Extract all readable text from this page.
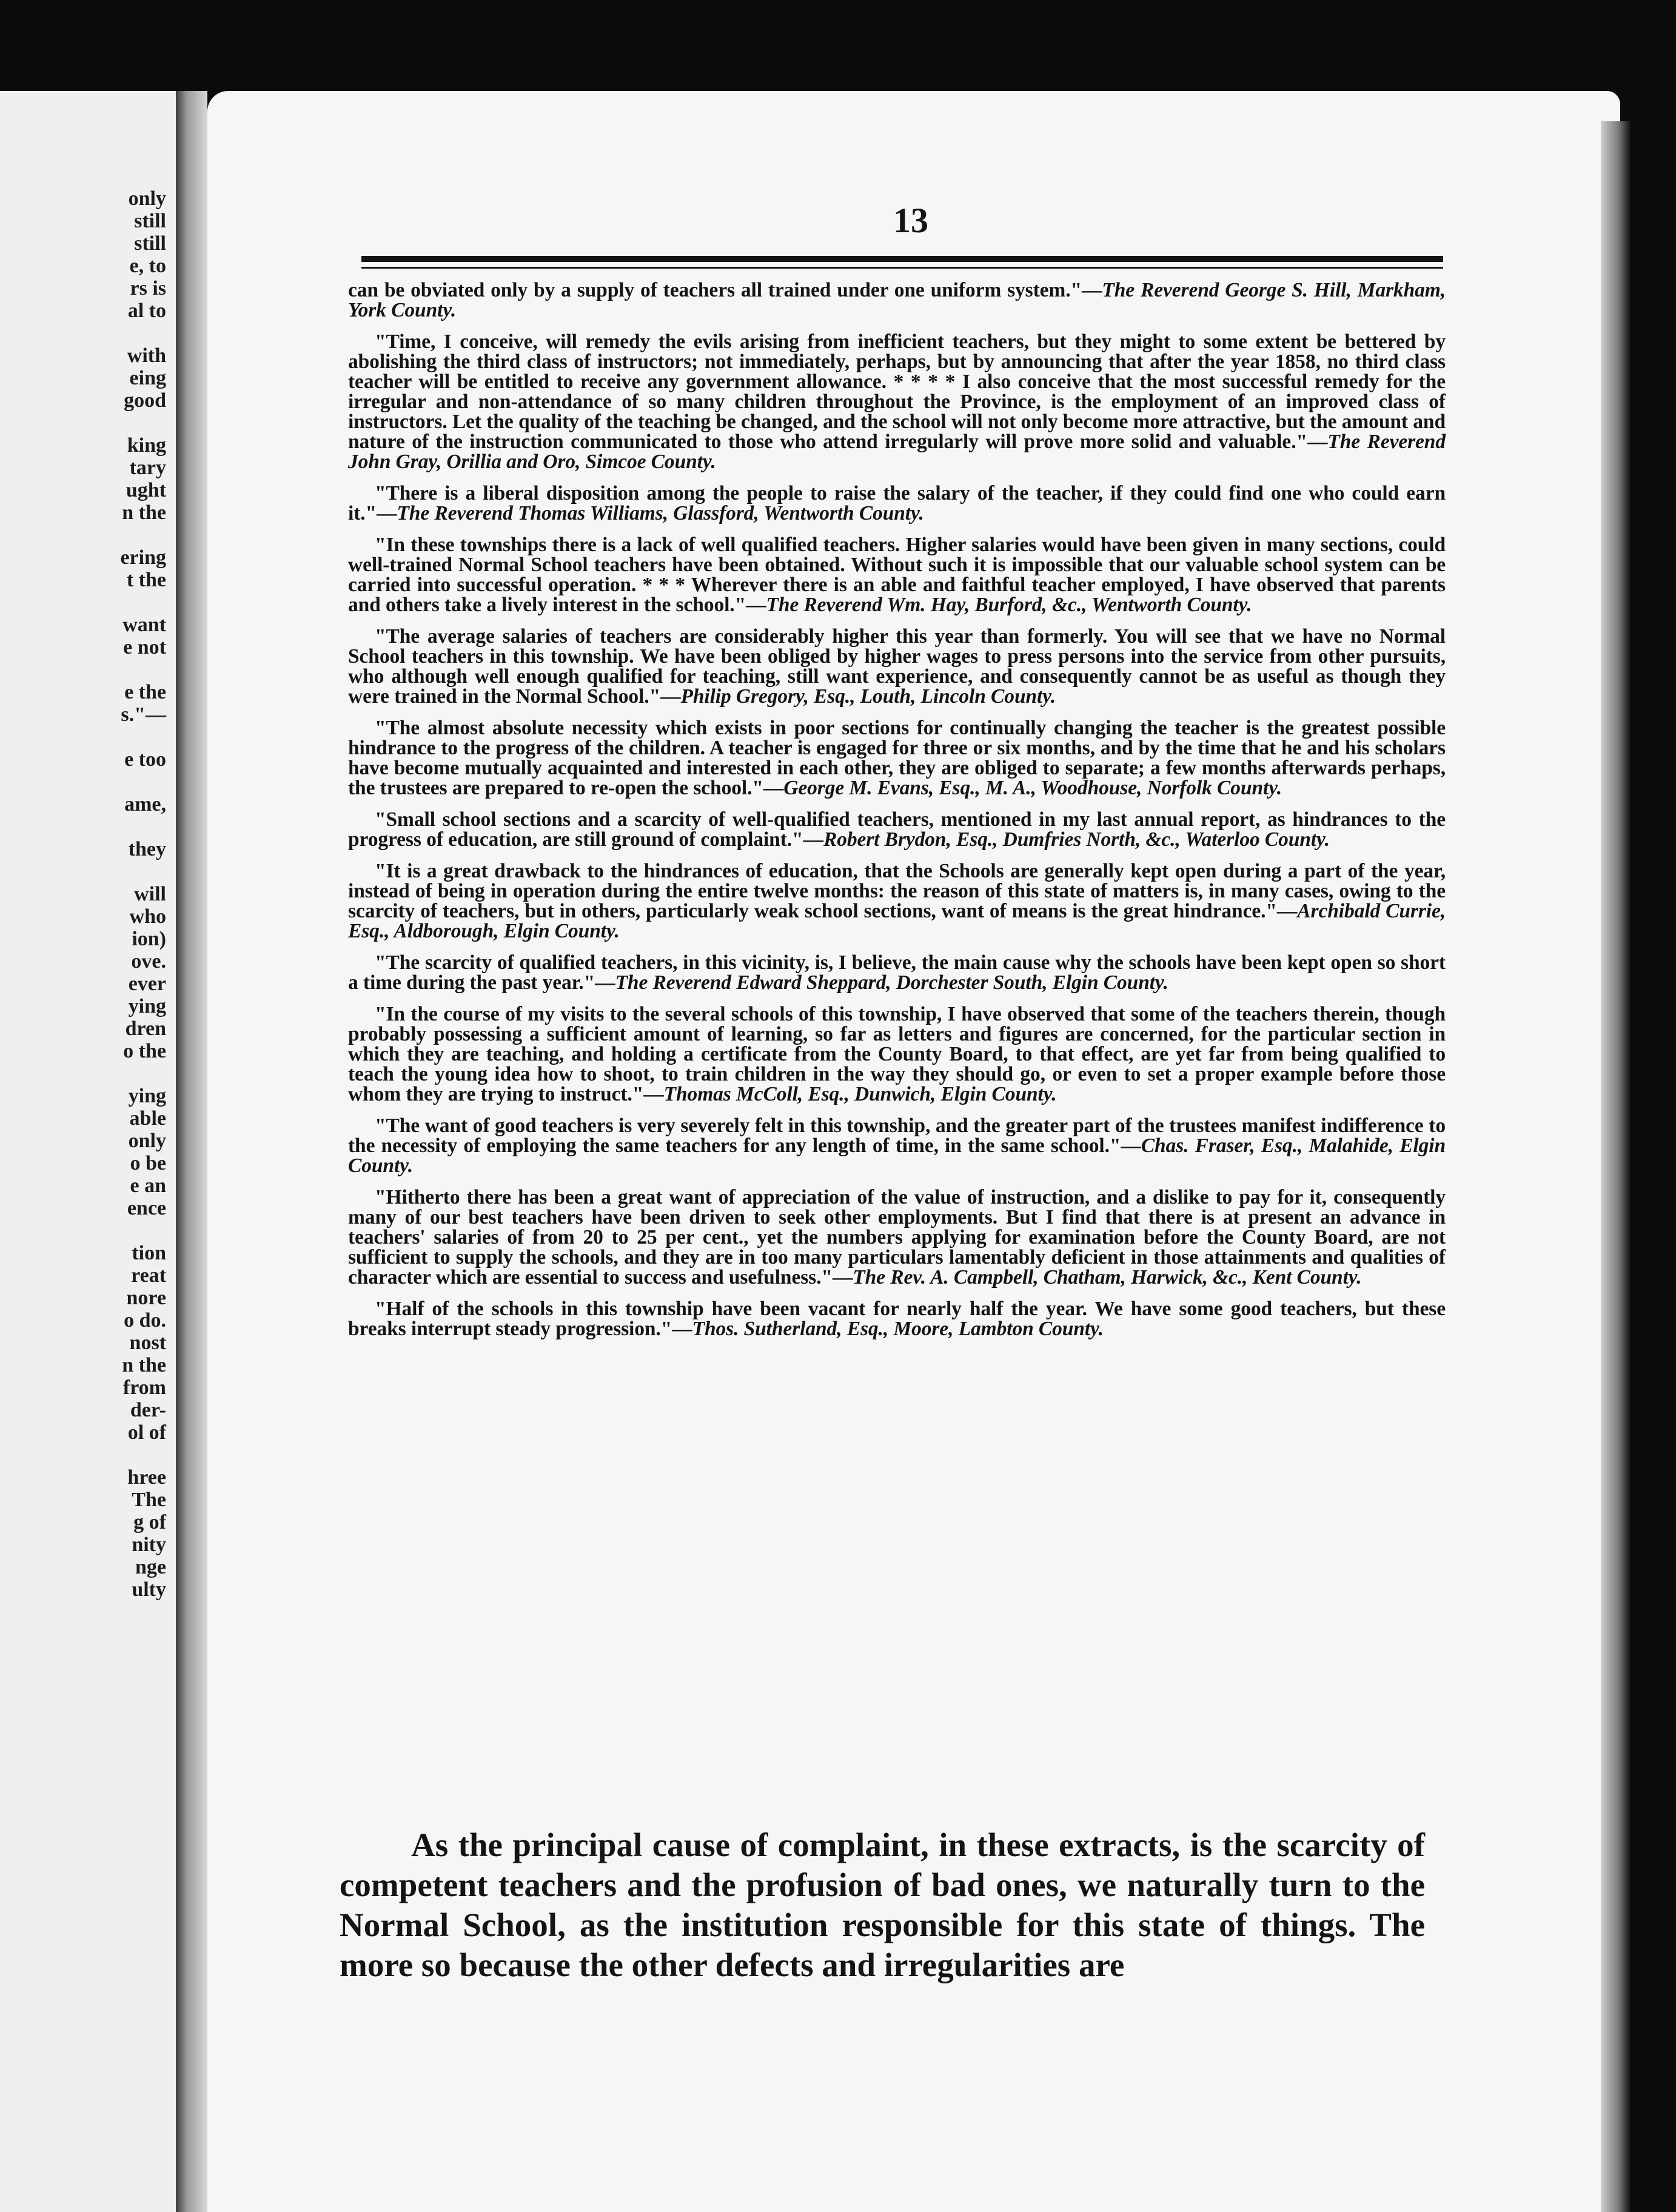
only
still
still
e, to
rs is
al to
with
eing
good
king
tary
ught
n the
ering
t the
want
e not
e the
s."—
e too
ame,
they
will
who
ion)
ove.
ever
ying
dren
o the
ying
able
only
o be
e an
ence
tion
reat
nore
o do.
nost
n the
from
der-
ol of
hree
The
g of
nity
nge
ulty
13

can be obviated only by a supply of teachers all trained under one uniform system."—The Reverend George S. Hill, Markham, York County.

"Time, I conceive, will remedy the evils arising from inefficient teachers, but they might to some extent be bettered by abolishing the third class of instructors; not immediately, perhaps, but by announcing that after the year 1858, no third class teacher will be entitled to receive any government allowance. * * * * I also conceive that the most successful remedy for the irregular and non-attendance of so many children throughout the Province, is the employment of an improved class of instructors. Let the quality of the teaching be changed, and the school will not only become more attractive, but the amount and nature of the instruction communicated to those who attend irregularly will prove more solid and valuable."—The Reverend John Gray, Orillia and Oro, Simcoe County.

"There is a liberal disposition among the people to raise the salary of the teacher, if they could find one who could earn it."—The Reverend Thomas Williams, Glassford, Wentworth County.

"In these townships there is a lack of well qualified teachers. Higher salaries would have been given in many sections, could well-trained Normal School teachers have been obtained. Without such it is impossible that our valuable school system can be carried into successful operation. * * * Wherever there is an able and faithful teacher employed, I have observed that parents and others take a lively interest in the school."—The Reverend Wm. Hay, Burford, &c., Wentworth County.

"The average salaries of teachers are considerably higher this year than formerly. You will see that we have no Normal School teachers in this township. We have been obliged by higher wages to press persons into the service from other pursuits, who although well enough qualified for teaching, still want experience, and consequently cannot be as useful as though they were trained in the Normal School."—Philip Gregory, Esq., Louth, Lincoln County.

"The almost absolute necessity which exists in poor sections for continually changing the teacher is the greatest possible hindrance to the progress of the children. A teacher is engaged for three or six months, and by the time that he and his scholars have become mutually acquainted and interested in each other, they are obliged to separate; a few months afterwards perhaps, the trustees are prepared to re-open the school."—George M. Evans, Esq., M. A., Woodhouse, Norfolk County.

"Small school sections and a scarcity of well-qualified teachers, mentioned in my last annual report, as hindrances to the progress of education, are still ground of complaint."—Robert Brydon, Esq., Dumfries North, &c., Waterloo County.

"It is a great drawback to the hindrances of education, that the Schools are generally kept open during a part of the year, instead of being in operation during the entire twelve months: the reason of this state of matters is, in many cases, owing to the scarcity of teachers, but in others, particularly weak school sections, want of means is the great hindrance."—Archibald Currie, Esq., Aldborough, Elgin County.

"The scarcity of qualified teachers, in this vicinity, is, I believe, the main cause why the schools have been kept open so short a time during the past year."—The Reverend Edward Sheppard, Dorchester South, Elgin County.

"In the course of my visits to the several schools of this township, I have observed that some of the teachers therein, though probably possessing a sufficient amount of learning, so far as letters and figures are concerned, for the particular section in which they are teaching, and holding a certificate from the County Board, to that effect, are yet far from being qualified to teach the young idea how to shoot, to train children in the way they should go, or even to set a proper example before those whom they are trying to instruct."—Thomas McColl, Esq., Dunwich, Elgin County.

"The want of good teachers is very severely felt in this township, and the greater part of the trustees manifest indifference to the necessity of employing the same teachers for any length of time, in the same school."—Chas. Fraser, Esq., Malahide, Elgin County.

"Hitherto there has been a great want of appreciation of the value of instruction, and a dislike to pay for it, consequently many of our best teachers have been driven to seek other employments. But I find that there is at present an advance in teachers' salaries of from 20 to 25 per cent., yet the numbers applying for examination before the County Board, are not sufficient to supply the schools, and they are in too many particulars lamentably deficient in those attainments and qualities of character which are essential to success and usefulness."—The Rev. A. Campbell, Chatham, Harwick, &c., Kent County.

"Half of the schools in this township have been vacant for nearly half the year. We have some good teachers, but these breaks interrupt steady progression."—Thos. Sutherland, Esq., Moore, Lambton County.

As the principal cause of complaint, in these extracts, is the scarcity of competent teachers and the profusion of bad ones, we naturally turn to the Normal School, as the institution responsible for this state of things. The more so because the other defects and irregularities are
